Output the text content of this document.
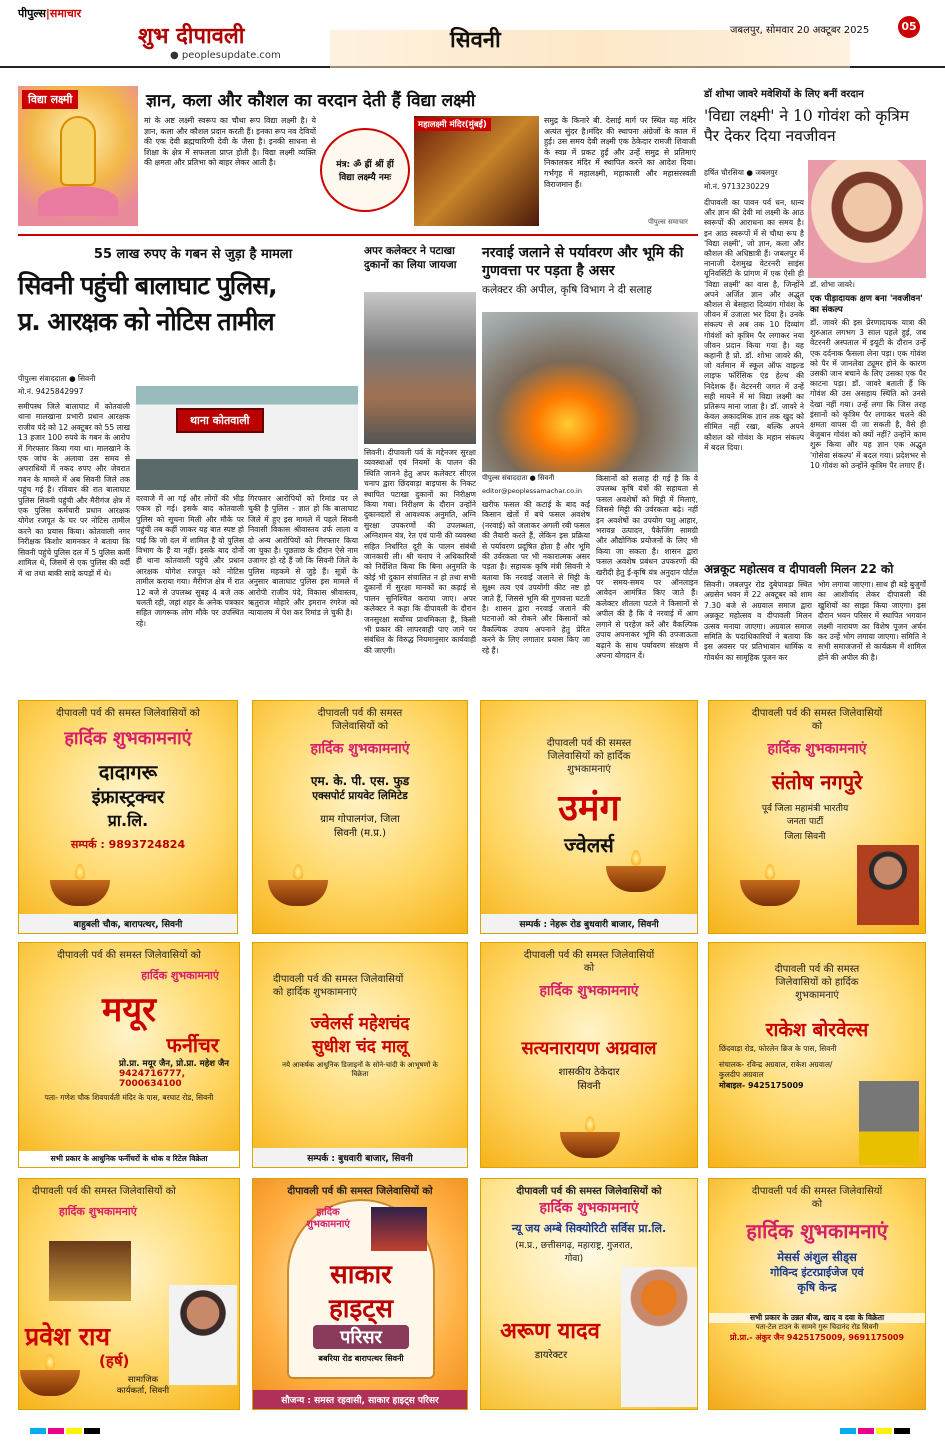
पीपुल्स|समाचार
शुभ दीपावली
● peoplesupdate.com
सिवनी	जबलपुर, सोमवार 20 अक्टूबर 2025	05
विद्या लक्ष्मी	ज्ञान, कला और कौशल का वरदान देती हैं विद्या लक्ष्मी
मां के अष्ट लक्ष्मी स्वरूप का चौथा रूप विद्या लक्ष्मी है। ये ज्ञान, कला और कौशल प्रदान करती हैं। इनका रूप नव देवियों की एक देवी ब्रह्मचारिणी देवी के जैसा है। इनकी साधना से शिक्षा के क्षेत्र में सफलता प्राप्त होती है। विद्या लक्ष्मी व्यक्ति की क्षमता और प्रतिभा को बाहर लेकर आती है।	मंत्र: ॐ ह्रीं श्रीं हीं विद्या लक्ष्म्यै नमः
महालक्ष्मी मंदिर(मुंबई)	समुद्र के किनारे बी. देसाई मार्ग पर स्थित यह मंदिर अत्यंत सुंदर है।मंदिर की स्थापना अंग्रेजों के काल में हुई। उस समय देवी लक्ष्मी एक ठेकेदार रामजी शिवाजी के स्वप्न में प्रकट हुईं और उन्हें समुद्र से प्रतिमाएं निकालकर मंदिर में स्थापित करने का आदेश दिया। गर्भगृह में महालक्ष्मी, महाकाली और महासरस्वती विराजमान हैं।
पीपुल्स समाचार
डॉ शोभा जावरे मवेशियों के लिए बनीं वरदान
'विद्या लक्ष्मी' ने 10 गोवंश को कृत्रिम पैर देकर दिया नवजीवन
हर्षित चौरसिया ● जबलपुर
मो.नं. 9713230229
डॉ. शोभा जावरे।
दीपावली का पावन पर्व धन, धान्य और ज्ञान की देवी मां लक्ष्मी के आठ स्वरूपों की आराधना का समय है। इन आठ स्वरूपों में से चौथा रूप है 'विद्या लक्ष्मी', जो ज्ञान, कला और कौशल की अधिष्ठात्री हैं। जबलपुर में नानाजी देशमुख वेटरनरी साइंस यूनिवर्सिटी के प्रांगण में एक ऐसी ही 'विद्या लक्ष्मी' का वास है, जिन्होंने अपने अर्जित ज्ञान और अद्भुत कौशल से बेसहारा दिव्यांग गोवंश के जीवन में उजाला भर दिया है। उनके संकल्प से अब तक 10 दिव्यांग गोवंशों को कृत्रिम पैर लगाकर नया जीवन प्रदान किया गया है। यह कहानी है प्रो. डॉ. शोभा जावरे की, जो वर्तमान में स्कूल ऑफ वाइल्ड लाइफ फॉरेंसिक एंड हेल्थ की निदेशक हैं। वेटरनरी जगत में उन्हें सही मायने में मां विद्या लक्ष्मी का प्रतिरूप माना जाता है। डॉ. जावरे ने केवल अकादमिक ज्ञान तक खुद को सीमित नहीं रखा, बल्कि अपने कौशल को गोवंश के महान संकल्प में बदल दिया।
एक पीड़ादायक क्षण बना 'नवजीवन' का संकल्प
डॉ. जावरे की इस प्रेरणादायक यात्रा की शुरुआत लगभग 3 साल पहले हुई, जब वेटरनरी अस्पताल में इयूटी के दौरान उन्हें एक दर्दनाक फैसला लेना पड़ा। एक गोवंश को पैर में जानलेवा ट्यूमर होने के कारण उसकी जान बचाने के लिए उसका एक पैर काटना पड़ा। डॉ. जावरे बताती हैं कि गोवंश की उस असहाय स्थिति को उनसे देखा नहीं गया। उन्हें लगा कि जिस तरह इंसानों को कृत्रिम पैर लगाकर चलने की क्षमता वापस दी जा सकती है, वैसे ही बेजुबान गोवंश को क्यों नहीं? उन्होंने काम शुरू किया और यह ज्ञान एक अद्भुत 'गोसेवा संकल्प' में बदल गया। प्रदेशभर से 10 गोवंश को उन्होंने कृत्रिम पैर लगाए हैं।
55 लाख रुपए के गबन से जुड़ा है मामला
सिवनी पहुंची बालाघाट पुलिस,
प्र. आरक्षक को नोटिस तामील
पीपुल्स संवाददाता ● सिवनी
मो.नं. 9425842997
थाना कोतवाली
समीपस्थ जिले बालाघाट में कोतवाली थाना मालखाना प्रभारी प्रधान आरक्षक राजीव पंदे को 12 अक्टूबर को 55 लाख 13 हजार 100 रुपये के गबन के आरोप में गिरफ्तार किया गया था। मालखाने के एक जांच के अलावा उस समय से अपराधियों में नकद रुपए और जेवरात गबन के मामले में अब सिवनी जिले तक पहुंच गई है। रविवार की रात बालाघाट पुलिस सिवनी पहुंची और मैरीगंज क्षेत्र में एक पुलिस कर्मचारी प्रधान आरक्षक योगेश रजपूत के घर पर नोटिस तामील करने का प्रयास किया। कोतवाली नगर निरीक्षक किशोर बामनकर ने बताया कि सिवनी पहुंचे पुलिस दल में 5 पुलिस कर्मी शामिल थे, जिसमें से एक पुलिस की वर्दी में था तथा बाकी सादे कपड़ों में थे।
दरवाजे में आ गई और लोगों की भीड़ एकत्र हो गई। इसके बाद कोतवाली पुलिस को सूचना मिली और मौके पर पहुंची तब कहीं जाकर यह बात स्पष्ट हो पाई कि जो दल में शामिल है वो पुलिस विभाग के हैं या नहीं। इसके बाद दोनों ही थाना कोतवाली पहुंचे और प्रधान आरक्षक योगेश रजपूत को नोटिस तामील कराया गया। मैरीगंज क्षेत्र में रात 12 बजे से उपलब्ध सुबह 4 बजे तक चलती रही, जहां शहर के अनेक पत्रकार सहित जागरूक लोग मौके पर उपस्थित रहे।
गिरफ्तार आरोपियों को रिमांड पर ले चुकी है पुलिस - ज्ञात हो कि बालाघाट जिले में हुए इस मामले में पहले सिवनी निवासी विकास श्रीवास्तव उर्फ लाला व दो अन्य आरोपियों को गिरफ्तार किया जा चुका है। पूछताछ के दौरान ऐसे नाम उजागर हो रहे हैं जो कि सिवनी जिले के पुलिस महकमे से जुड़े हैं। सूत्रों के अनुसार बालाघाट पुलिस इस मामले में आरोपी राजीव पंदे, विकास श्रीवास्तव, ऋतुराज मोहारे और इमरान रंगरेज को न्यायालय में पेश कर रिमांड ले चुकी है।
अपर कलेक्टर ने पटाखा दुकानों का लिया जायजा
सिवनी। दीपावली पर्व के मद्देनजर सुरक्षा व्यवस्थाओं एवं नियमों के पालन की स्थिति जानने हेतु अपर कलेक्टर सीएल चनाप द्वारा छिंदवाड़ा बाइपास के निकट स्थापित पटाखा दुकानों का निरीक्षण किया गया। निरीक्षण के दौरान उन्होंने दुकानदारों से आवश्यक अनुमति, अग्नि सुरक्षा उपकरणों की उपलब्धता, अग्निशमन यंत्र, रेत एवं पानी की व्यवस्था सहित निर्धारित दूरी के पालन संबंधी जानकारी ली। श्री चनाप ने अधिकारियों को निर्देशित किया कि बिना अनुमति के कोई भी दुकान संचालित न हो तथा सभी दुकानों में सुरक्षा मानकों का कड़ाई से पालन सुनिश्चित कराया जाए। अपर कलेक्टर ने कहा कि दीपावली के दौरान जनसुरक्षा सर्वोच्च प्राथमिकता है, किसी भी प्रकार की लापरवाही पाए जाने पर संबंधित के विरुद्ध नियमानुसार कार्यवाही की जाएगी।
नरवाई जलाने से पर्यावरण और भूमि की गुणवत्ता पर पड़ता है असर
कलेक्टर की अपील, कृषि विभाग ने दी सलाह
पीपुल्स संवाददाता ● सिवनी
editor@peoplessamachar.co.in
खरीफ फसल की कटाई के बाद कई किसान खेतों में बचे फसल अवशेष (नरवाई) को जलाकर अगली रबी फसल की तैयारी करते हैं, लेकिन इस प्रक्रिया से पर्यावरण प्रदूषित होता है और भूमि की उर्वरकता पर भी नकारात्मक असर पड़ता है। सहायक कृषि मंत्री सिवनी ने बताया कि नरवाई जलाने से मिट्टी के सूक्ष्म तत्व एवं उपयोगी कीट नष्ट हो जाते हैं, जिससे भूमि की गुणवत्ता घटती है। शासन द्वारा नरवाई जलाने की घटनाओं को रोकने और किसानों को वैकल्पिक उपाय अपनाने हेतु प्रेरित करने के लिए लगातार प्रयास किए जा रहे हैं।
किसानों को सलाह दी गई है कि वे उपलब्ध कृषि यंत्रों की सहायता से फसल अवशेषों को मिट्टी में मिलाएं, जिससे मिट्टी की उर्वरकता बढ़े। नहीं इन अवशेषों का उपयोग पशु आहार, भरावन्न उत्पादन, पैकेजिंग सामग्री और औद्योगिक प्रयोजनों के लिए भी किया जा सकता है। शासन द्वारा फसल अवशेष प्रबंधन उपकरणों की खरीदी हेतु ई-कृषि यंत्र अनुदान पोर्टल पर समय-समय पर ऑनलाइन आवेदन आमंत्रित किए जाते हैं। कलेक्टर शीतला पटले ने किसानों से अपील की है कि वे नरवाई में आग लगाने से परहेज करें और वैकल्पिक उपाय अपनाकर भूमि की उपजाऊता बढ़ाने के साथ पर्यावरण संरक्षण में अपना योगदान दें।
अन्नकूट महोत्सव व दीपावली मिलन 22 को
सिवनी। जबलपुर रोड दुबेपावड़ा स्थित अग्रसेन भवन में 22 अक्टूबर को शाम 7.30 बजे से अग्रवाल समाज द्वारा अन्नकूट महोत्सव व दीपावली मिलन उत्सव मनाया जाएगा। अग्रवाल समाज समिति के पदाधिकारियों ने बताया कि इस अवसर पर प्रतिभावान धार्मिक व गोवर्धन का सामूहिक पूजन कर
भोग लगाया जाएगा। साथ ही बड़े बुजुर्गों का आशीर्वाद लेकर दीपावली की खुशियों का साझा किया जाएगा। इस दौरान भवन परिसर में स्थापित भगवान लक्ष्मी नारायण का विशेष पूजन अर्चन कर उन्हें भोग लगाया जाएगा। समिति ने सभी समाजजनों से कार्यक्रम में शामिल होने की अपील की है।
दीपावली पर्व की समस्त जिलेवासियों को
हार्दिक शुभकामनाएं
दादागरू
इंफ्रास्ट्रक्चर
प्रा.लि.
सम्पर्क : 9893724824
बाहुबली चौक, बारापत्थर, सिवनी
दीपावली पर्व की समस्त जिलेवासियों को
हार्दिक शुभकामनाएं
एम. के. पी. एस. फुड
एक्सपोर्ट प्रायवेट लिमिटेड
ग्राम गोपालगंज, जिला सिवनी (म.प्र.)
दीपावली पर्व की समस्त जिलेवासियों को हार्दिक शुभकामनाएं
उमंग
ज्वेलर्स
सम्पर्क : नेहरू रोड बुधवारी बाजार, सिवनी
दीपावली पर्व की समस्त जिलेवासियों को
हार्दिक शुभकामनाएं
संतोष नगपुरे
पूर्व जिला महामंत्री भारतीय जनता पार्टी
जिला सिवनी
दीपावली पर्व की समस्त जिलेवासियों को
हार्दिक शुभकामनाएं
मयूर
फर्नीचर
प्रो.प्रा. मयूर जैन, प्रो.प्रा. महेश जैन
9424716777, 7000634100
पता- गणेश चौक शिवपार्वती मंदिर के पास, बरघाट रोड, सिवनी
सभी प्रकार के आधुनिक फर्नीचरों के थोक व रिटेल विक्रेता
दीपावली पर्व की समस्त जिलेवासियों को हार्दिक शुभकामनाएं
ज्वेलर्स महेशचंद
सुधीश चंद मालू
नये आकर्षक आधुनिक डिजाइनों के सोने-चांदी के आभूषणों के विक्रेता
सम्पर्क : बुधवारी बाजार, सिवनी
दीपावली पर्व की समस्त जिलेवासियों को
हार्दिक शुभकामनाएं
सत्यनारायण अग्रवाल
शासकीय ठेकेदार
सिवनी
दीपावली पर्व की समस्त जिलेवासियों को हार्दिक शुभकामनाएं
राकेश बोरवेल्स
छिंदवाड़ा रोड, फोरलेन ब्रिज के पास, सिवनी
संचालक- रविन्द्र अग्रवाल, राकेश अग्रवाल/कुलदीप अग्रवाल
मोबाइल- 9425175009
दीपावली पर्व की समस्त जिलेवासियों को
हार्दिक शुभकामनाएं
प्रवेश राय
(हर्ष)
सामाजिक कार्यकर्ता, सिवनी
दीपावली पर्व की समस्त जिलेवासियों को
हार्दिक शुभकामनाएं
साकार
हाइट्स
परिसर
बबरिया रोड बारापत्थर सिवनी
सौजन्य : समस्त रहवासी, साकार हाइट्स परिसर
दीपावली पर्व की समस्त जिलेवासियों को
हार्दिक शुभकामनाएं
न्यू जय अम्बे सिक्योरिटी सर्विस प्रा.लि.
(म.प्र., छत्तीसगढ़, महाराष्ट्र, गुजरात, गोवा)
अरूण यादव
डायरेक्टर
दीपावली पर्व की समस्त जिलेवासियों को
हार्दिक शुभकामनाएं
मेसर्स अंशुल सीड्स
गोविन्द इंटरप्राईजेज एवं
कृषि केन्द्र
सभी प्रकार के उन्नत बीज, खाद व दवा के विक्रेता
पता-टेल टाउन के सामने गुरू चिदानंद रोड सिवनी
प्रो.प्रा.- अंकुर जैन 9425175009, 9691175009
